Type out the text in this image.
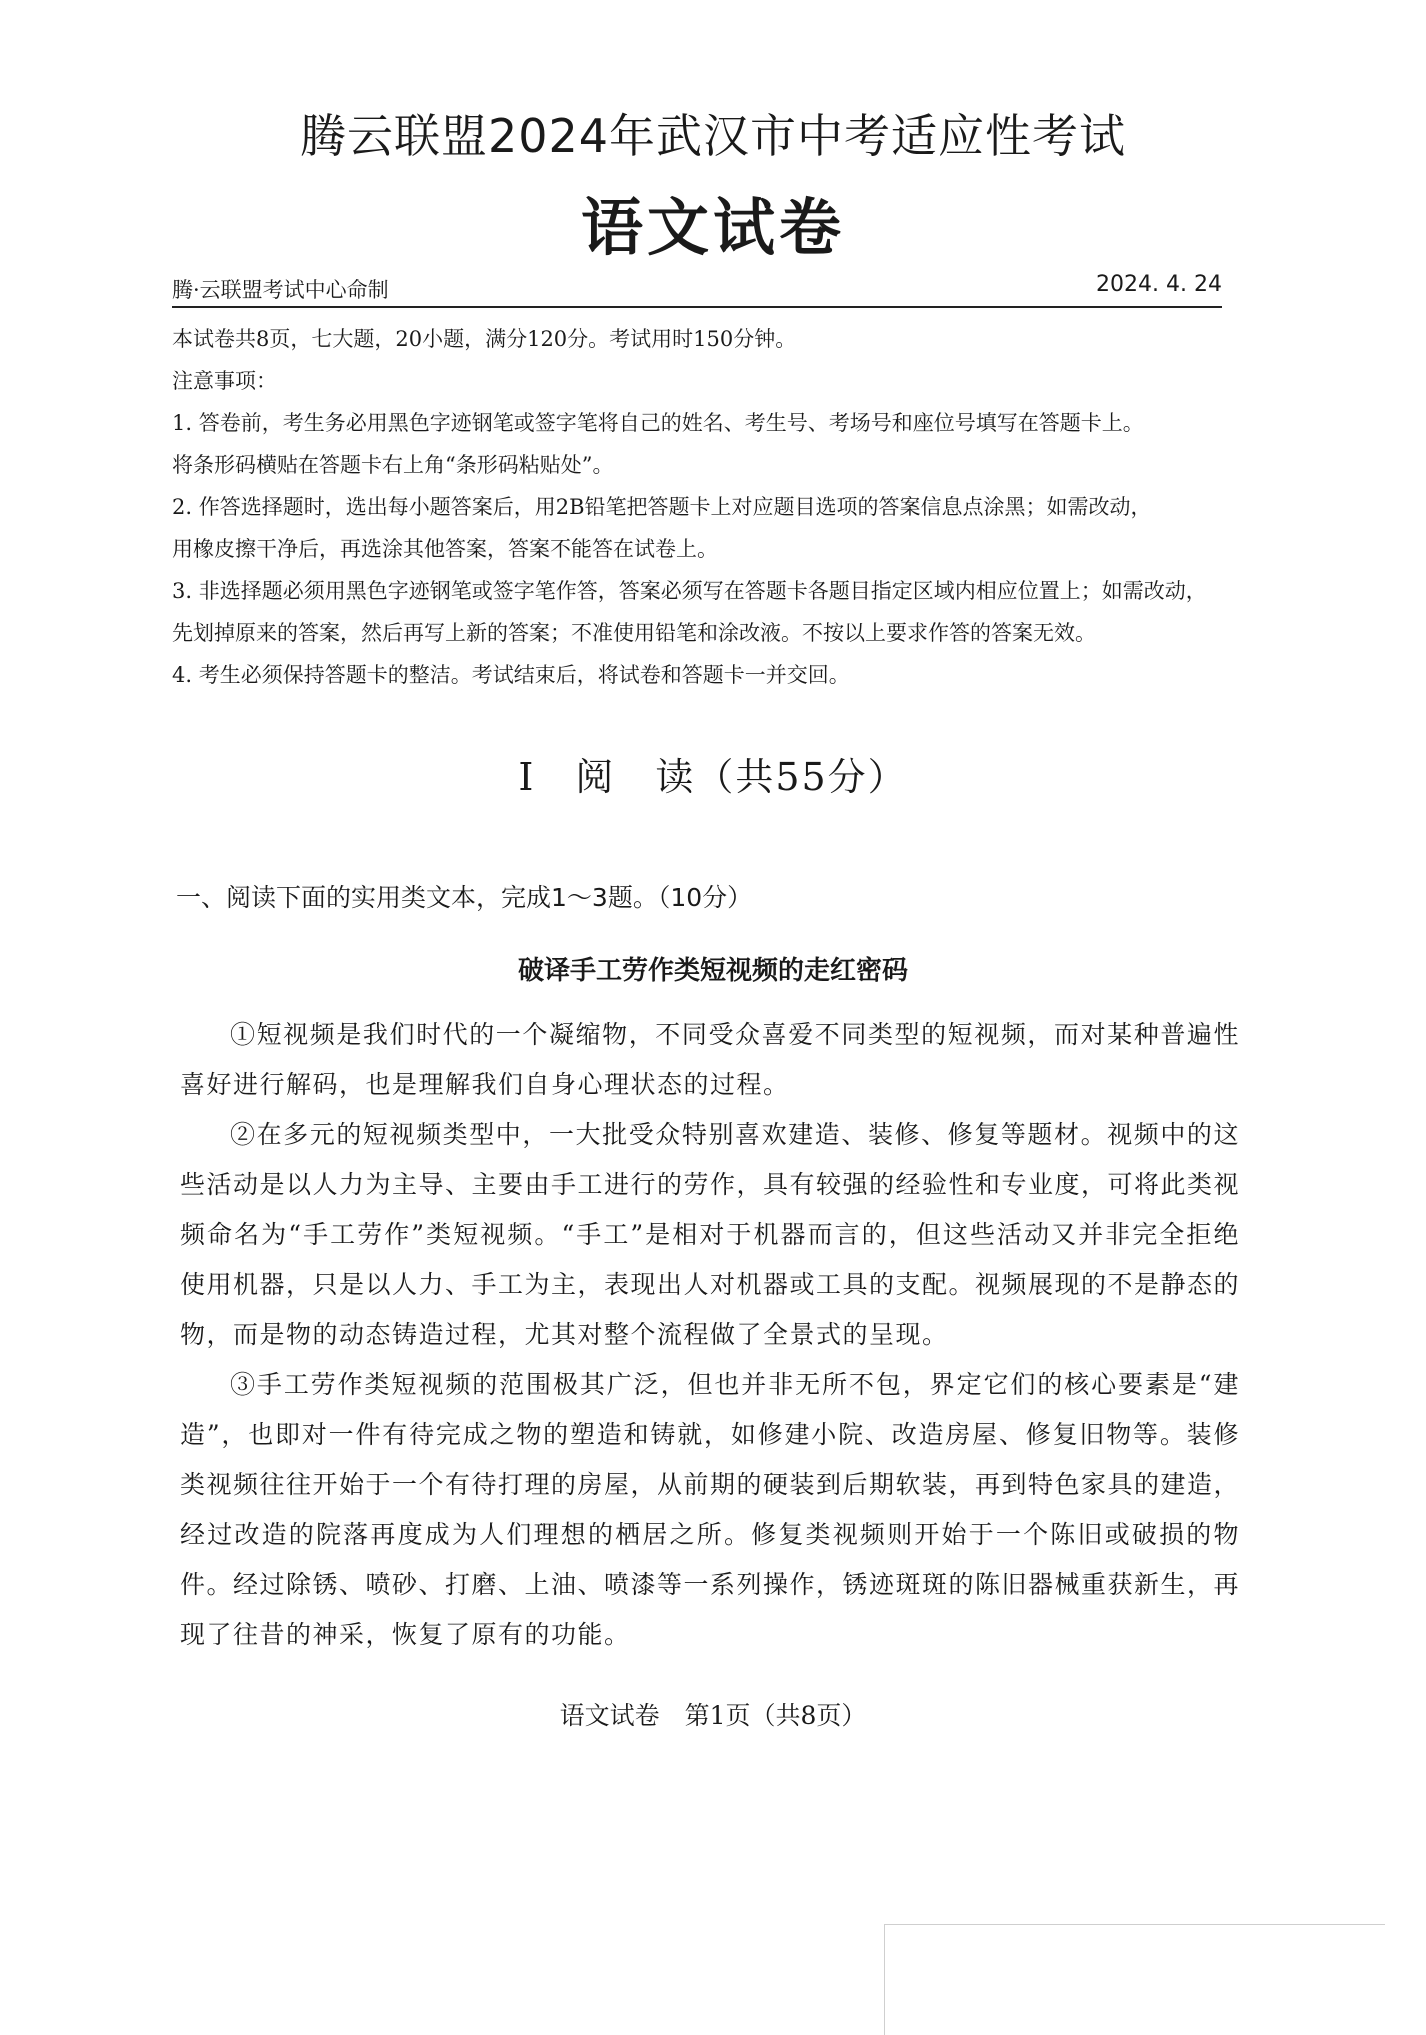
腾云联盟2024年武汉市中考适应性考试
语文试卷
腾·云联盟考试中心命制	2024. 4. 24

本试卷共8页，七大题，20小题，满分120分。考试用时150分钟。

注意事项：

1. 答卷前，考生务必用黑色字迹钢笔或签字笔将自己的姓名、考生号、考场号和座位号填写在答题卡上。

将条形码横贴在答题卡右上角“条形码粘贴处”。

2. 作答选择题时，选出每小题答案后，用2B铅笔把答题卡上对应题目选项的答案信息点涂黑；如需改动，

用橡皮擦干净后，再选涂其他答案，答案不能答在试卷上。

3. 非选择题必须用黑色字迹钢笔或签字笔作答，答案必须写在答题卡各题目指定区域内相应位置上；如需改动，

先划掉原来的答案，然后再写上新的答案；不准使用铅笔和涂改液。不按以上要求作答的答案无效。

4. 考生必须保持答题卡的整洁。考试结束后，将试卷和答题卡一并交回。

Ⅰ　阅　读（共55分）
一、阅读下面的实用类文本，完成1～3题。（10分）
破译手工劳作类短视频的走红密码

①短视频是我们时代的一个凝缩物，不同受众喜爱不同类型的短视频，而对某种普遍性喜好进行解码，也是理解我们自身心理状态的过程。

②在多元的短视频类型中，一大批受众特别喜欢建造、装修、修复等题材。视频中的这些活动是以人力为主导、主要由手工进行的劳作，具有较强的经验性和专业度，可将此类视频命名为“手工劳作”类短视频。“手工”是相对于机器而言的，但这些活动又并非完全拒绝使用机器，只是以人力、手工为主，表现出人对机器或工具的支配。视频展现的不是静态的物，而是物的动态铸造过程，尤其对整个流程做了全景式的呈现。

③手工劳作类短视频的范围极其广泛，但也并非无所不包，界定它们的核心要素是“建造”，也即对一件有待完成之物的塑造和铸就，如修建小院、改造房屋、修复旧物等。装修类视频往往开始于一个有待打理的房屋，从前期的硬装到后期软装，再到特色家具的建造，经过改造的院落再度成为人们理想的栖居之所。修复类视频则开始于一个陈旧或破损的物件。经过除锈、喷砂、打磨、上油、喷漆等一系列操作，锈迹斑斑的陈旧器械重获新生，再现了往昔的神采，恢复了原有的功能。

语文试卷　第1页（共8页）
